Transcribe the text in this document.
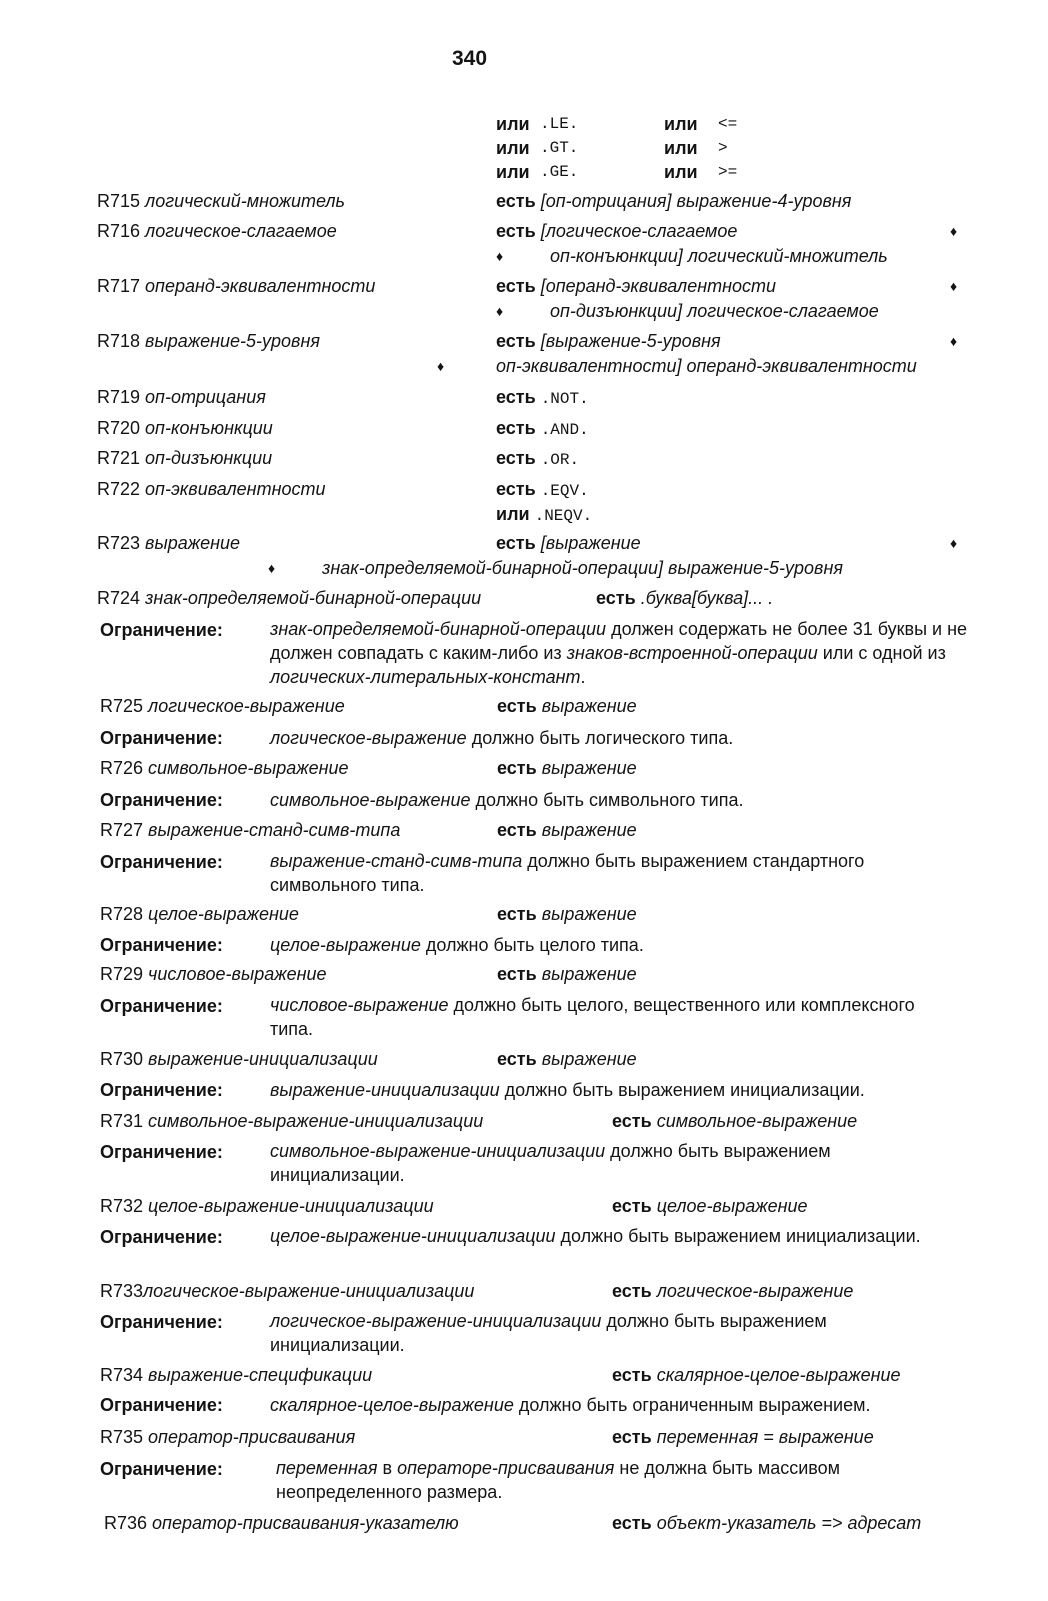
340
или .LE.	или <=
или .GT.	или >
или .GE.	или >=
R715 логический-множитель	есть [оп-отрицания] выражение-4-уровня
R716 логическое-слагаемое	есть [логическое-слагаемое	♦
♦	оп-конъюнкции] логический-множитель
R717 операнд-эквивалентности	есть [операнд-эквивалентности	♦
♦	оп-дизъюнкции] логическое-слагаемое
R718 выражение-5-уровня	есть [выражение-5-уровня	♦
♦	оп-эквивалентности] операнд-эквивалентности
R719 оп-отрицания	есть .NOT.
R720 оп-конъюнкции	есть .AND.
R721 оп-дизъюнкции	есть .OR.
R722 оп-эквивалентности	есть .EQV.
или .NEQV.
R723 выражение	есть [выражение	♦
♦	знак-определяемой-бинарной-операции] выражение-5-уровня
R724 знак-определяемой-бинарной-операции	есть .буква[буква]... .
Ограничение:	знак-определяемой-бинарной-операции должен содержать не более 31 буквы и не должен совпадать с каким-либо из знаков-встроенной-операции или с одной из логических-литеральных-констант.
R725 логическое-выражение	есть выражение
Ограничение:	логическое-выражение должно быть логического типа.
R726 символьное-выражение	есть выражение
Ограничение:	символьное-выражение должно быть символьного типа.
R727 выражение-станд-симв-типа	есть выражение
Ограничение:	выражение-станд-симв-типа должно быть выражением стандартного символьного типа.
R728 целое-выражение	есть выражение
Ограничение:	целое-выражение должно быть целого типа.
R729 числовое-выражение	есть выражение
Ограничение:	числовое-выражение должно быть целого, вещественного или комплексного типа.
R730 выражение-инициализации	есть выражение
Ограничение:	выражение-инициализации должно быть выражением инициализации.
R731 символьное-выражение-инициализации	есть символьное-выражение
Ограничение:	символьное-выражение-инициализации должно быть выражением инициализации.
R732 целое-выражение-инициализации	есть целое-выражение
Ограничение:	целое-выражение-инициализации должно быть выражением инициализации.
R733логическое-выражение-инициализации	есть логическое-выражение
Ограничение:	логическое-выражение-инициализации должно быть выражением инициализации.
R734 выражение-спецификации	есть скалярное-целое-выражение
Ограничение:	скалярное-целое-выражение должно быть ограниченным выражением.
R735 оператор-присваивания	есть переменная = выражение
Ограничение:	переменная в операторе-присваивания не должна быть массивом неопределенного размера.
R736 оператор-присваивания-указателю	есть объект-указатель => адресат
